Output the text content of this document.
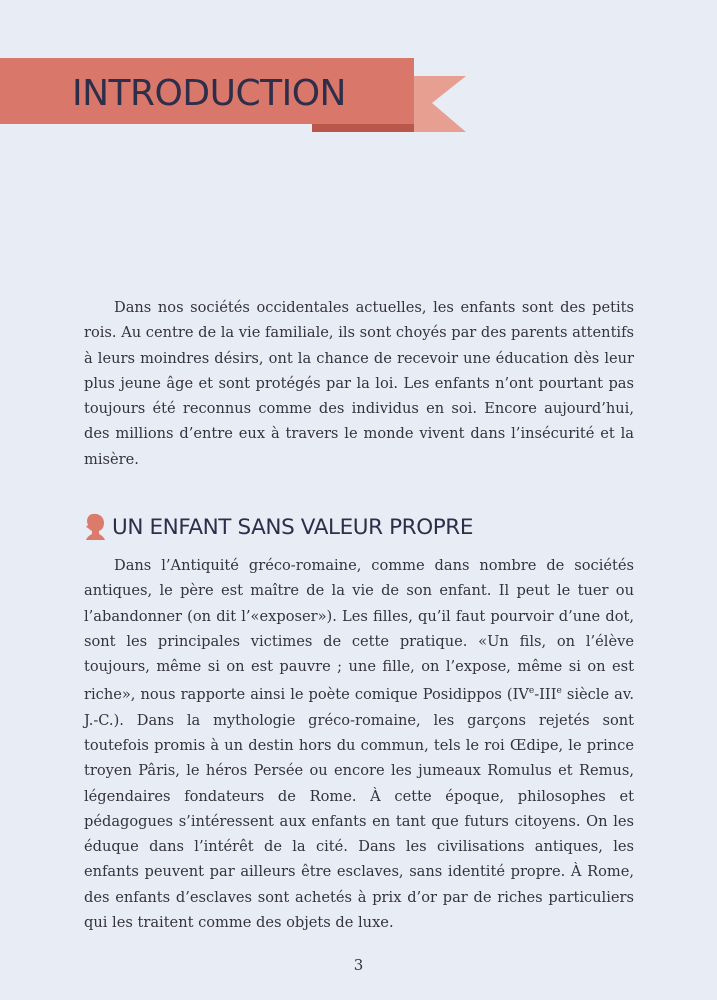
INTRODUCTION

Dans nos sociétés occidentales actuelles, les enfants sont des petits rois. Au centre de la vie familiale, ils sont choyés par des parents attentifs à leurs moindres désirs, ont la chance de recevoir une éducation dès leur plus jeune âge et sont protégés par la loi. Les enfants n’ont pourtant pas toujours été reconnus comme des individus en soi. Encore aujourd’hui, des millions d’entre eux à travers le monde vivent dans l’insécurité et la misère.

UN ENFANT SANS VALEUR PROPRE

Dans l’Antiquité gréco-romaine, comme dans nombre de sociétés antiques, le père est maître de la vie de son enfant. Il peut le tuer ou l’abandonner (on dit l’«exposer»). Les filles, qu’il faut pourvoir d’une dot, sont les principales victimes de cette pratique. «Un fils, on l’élève toujours, même si on est pauvre ; une fille, on l’expose, même si on est riche», nous rapporte ainsi le poète comique Posidippos (IVe-IIIe siècle av. J.-C.). Dans la mythologie gréco-romaine, les garçons rejetés sont toutefois promis à un destin hors du commun, tels le roi Œdipe, le prince troyen Pâris, le héros Persée ou encore les jumeaux Romulus et Remus, légendaires fondateurs de Rome. À cette époque, philosophes et pédagogues s’intéressent aux enfants en tant que futurs citoyens. On les éduque dans l’intérêt de la cité. Dans les civilisations antiques, les enfants peuvent par ailleurs être esclaves, sans identité propre. À Rome, des enfants d’esclaves sont achetés à prix d’or par de riches particuliers qui les traitent comme des objets de luxe.

3
